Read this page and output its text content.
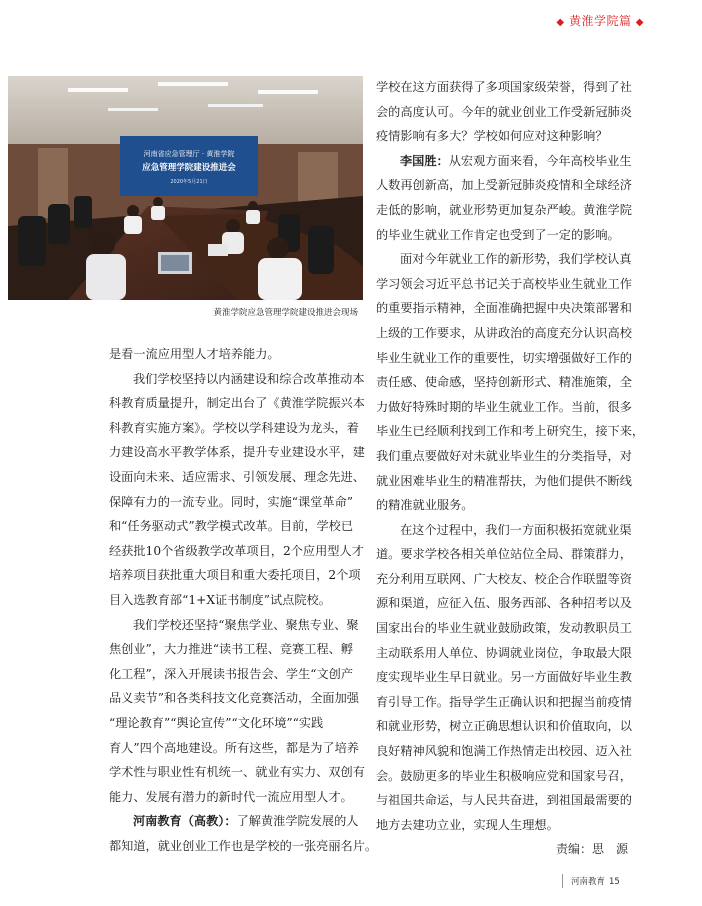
◆ 黄淮学院篇 ◆
河南省应急管理厅 · 黄淮学院
应急管理学院建设推进会
2020年5月21日
黄淮学院应急管理学院建设推进会现场

是看一流应用型人才培养能力。

我们学校坚持以内涵建设和综合改革推动本

科教育质量提升，制定出台了《黄淮学院振兴本

科教育实施方案》。学校以学科建设为龙头，着

力建设高水平教学体系，提升专业建设水平，建

设面向未来、适应需求、引领发展、理念先进、

保障有力的一流专业。同时，实施“课堂革命”

和“任务驱动式”教学模式改革。目前，学校已

经获批10个省级教学改革项目，2个应用型人才

培养项目获批重大项目和重大委托项目，2个项

目入选教育部“1+X证书制度”试点院校。

我们学校还坚持“聚焦学业、聚焦专业、聚

焦创业”，大力推进“读书工程、竞赛工程、孵

化工程”，深入开展读书报告会、学生“文创产

品义卖节”和各类科技文化竞赛活动，全面加强

“理论教育”“舆论宣传”“文化环境”“实践

育人”四个高地建设。所有这些，都是为了培养

学术性与职业性有机统一、就业有实力、双创有

能力、发展有潜力的新时代一流应用型人才。

河南教育（高教）：了解黄淮学院发展的人

都知道，就业创业工作也是学校的一张亮丽名片。

学校在这方面获得了多项国家级荣誉，得到了社

会的高度认可。今年的就业创业工作受新冠肺炎

疫情影响有多大？学校如何应对这种影响？

李国胜：从宏观方面来看，今年高校毕业生

人数再创新高，加上受新冠肺炎疫情和全球经济

走低的影响，就业形势更加复杂严峻。黄淮学院

的毕业生就业工作肯定也受到了一定的影响。

面对今年就业工作的新形势，我们学校认真

学习领会习近平总书记关于高校毕业生就业工作

的重要指示精神，全面准确把握中央决策部署和

上级的工作要求，从讲政治的高度充分认识高校

毕业生就业工作的重要性，切实增强做好工作的

责任感、使命感，坚持创新形式、精准施策，全

力做好特殊时期的毕业生就业工作。当前，很多

毕业生已经顺利找到工作和考上研究生，接下来，

我们重点要做好对未就业毕业生的分类指导，对

就业困难毕业生的精准帮扶，为他们提供不断线

的精准就业服务。

在这个过程中，我们一方面积极拓宽就业渠

道。要求学校各相关单位站位全局、群策群力，

充分利用互联网、广大校友、校企合作联盟等资

源和渠道，应征入伍、服务西部、各种招考以及

国家出台的毕业生就业鼓励政策，发动教职员工

主动联系用人单位、协调就业岗位，争取最大限

度实现毕业生早日就业。另一方面做好毕业生教

育引导工作。指导学生正确认识和把握当前疫情

和就业形势，树立正确思想认识和价值取向，以

良好精神风貌和饱满工作热情走出校园、迈入社

会。鼓励更多的毕业生积极响应党和国家号召，

与祖国共命运，与人民共奋进，到祖国最需要的

地方去建功立业，实现人生理想。

责编：思　源
河南教育 15
